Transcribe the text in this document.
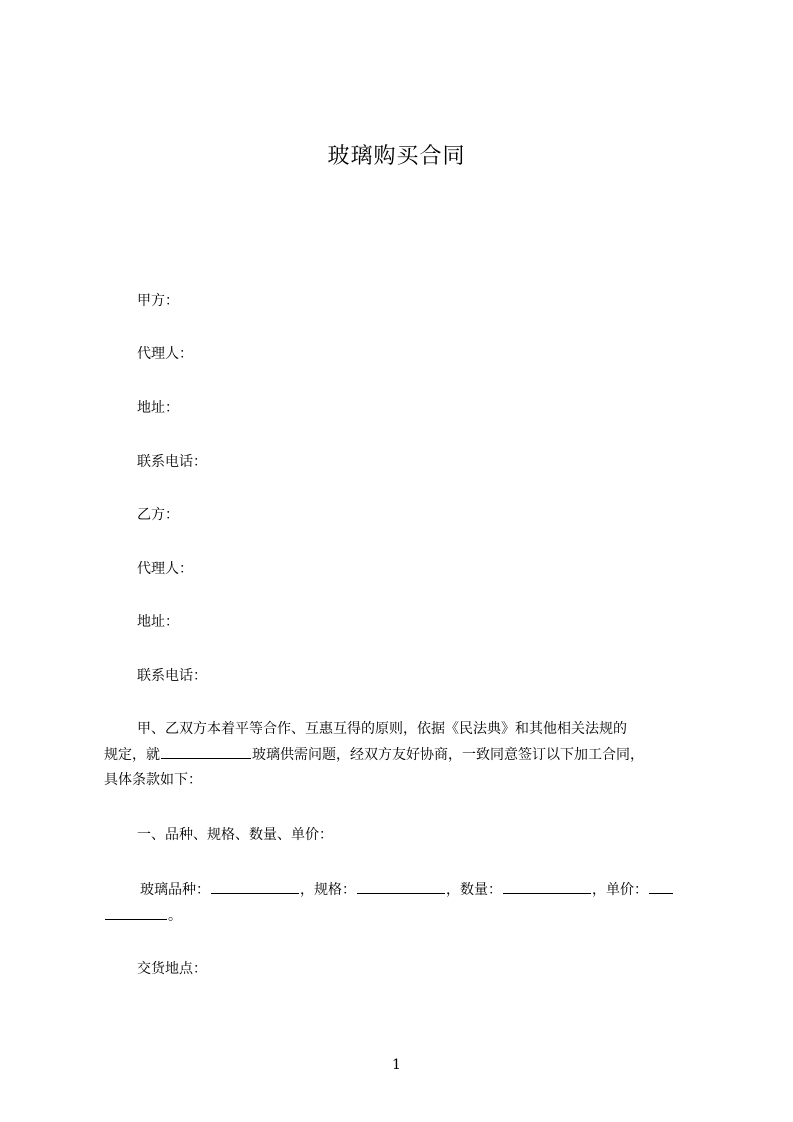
玻璃购买合同
甲方：
代理人：
地址：
联系电话：
乙方：
代理人：
地址：
联系电话：
甲、乙双方本着平等合作、互惠互得的原则，依据《民法典》和其他相关法规的
规定，就	玻璃供需问题，经双方友好协商，一致同意签订以下加工合同，
具体条款如下：
一、品种、规格、数量、单价：
玻璃品种：	，规格：	，数量：	，单价：
。
交货地点：
1
